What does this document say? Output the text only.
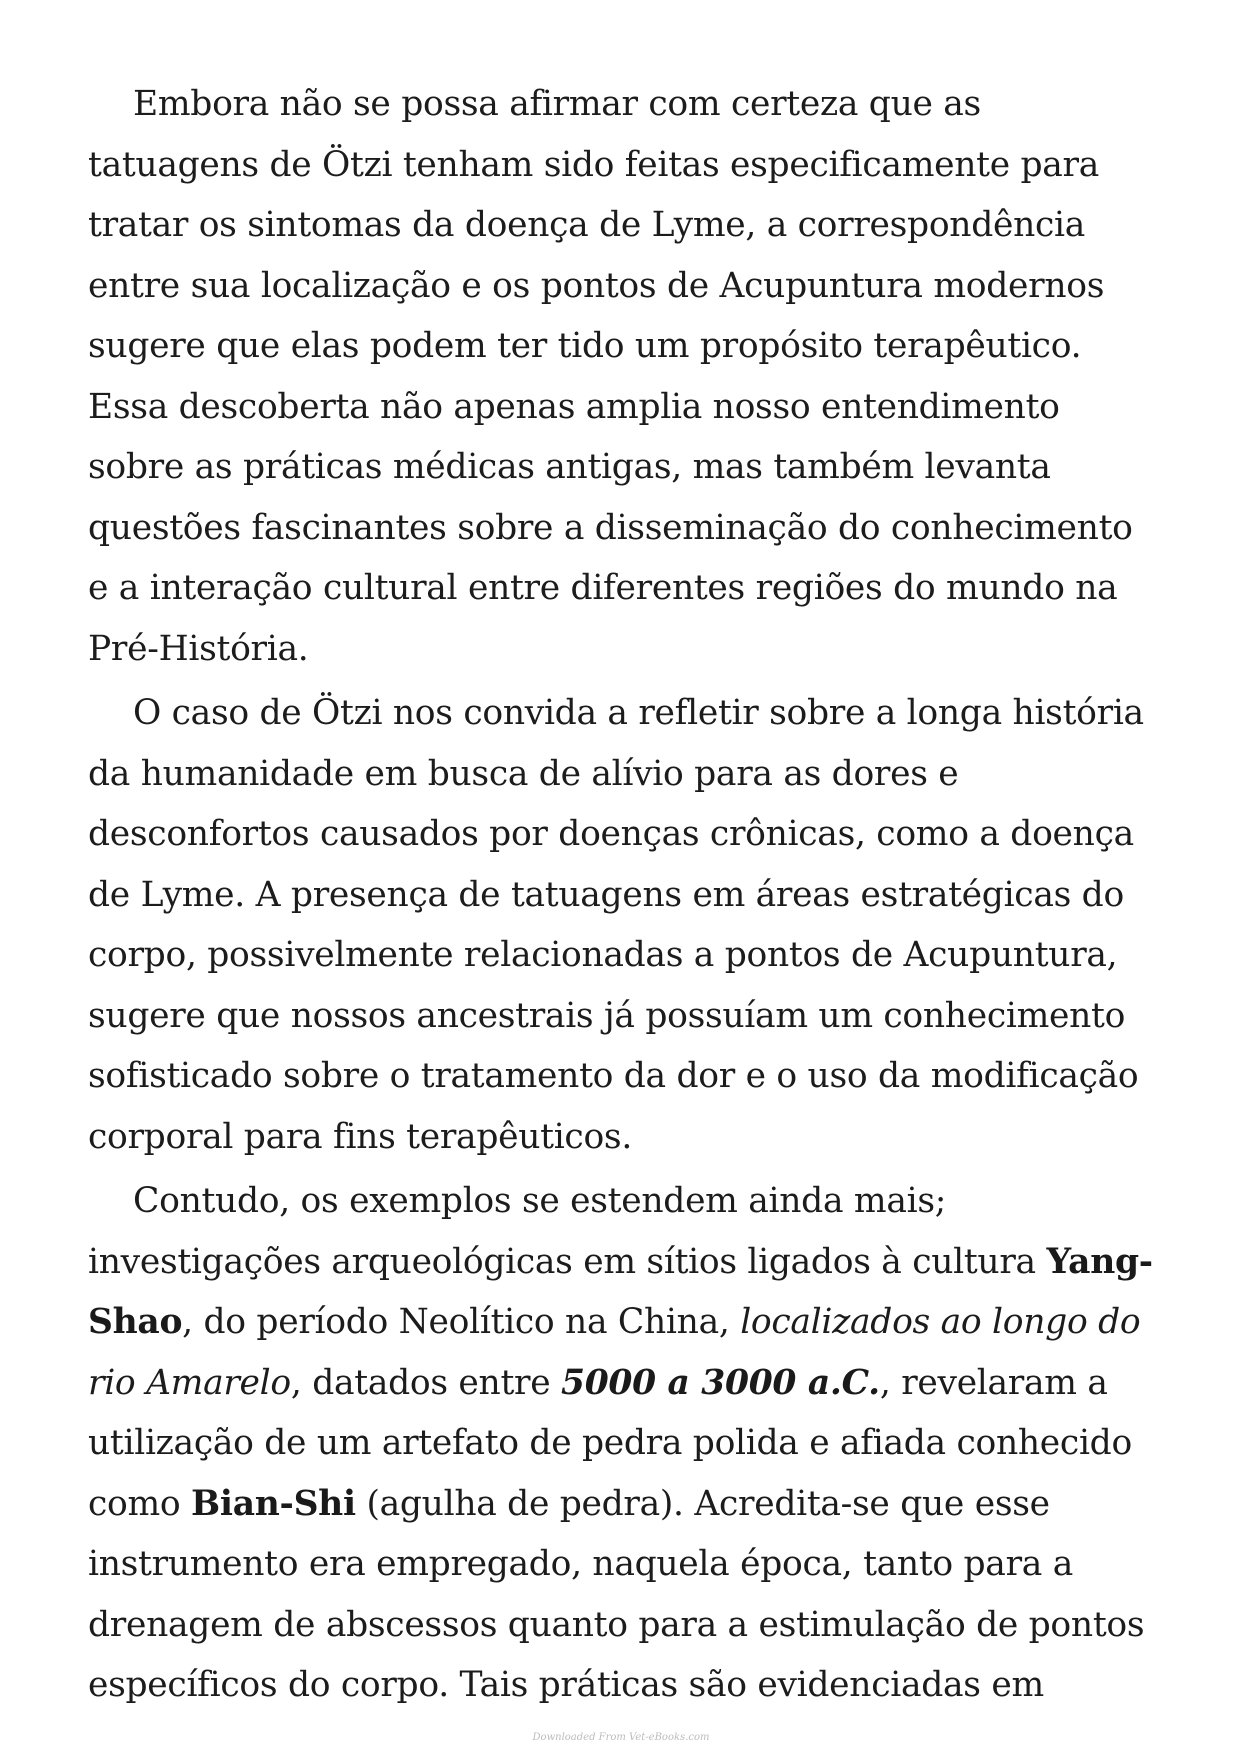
Embora não se possa afirmar com certeza que as tatuagens de Ötzi tenham sido feitas especificamente para tratar os sintomas da doença de Lyme, a correspondência entre sua localização e os pontos de Acupuntura modernos sugere que elas podem ter tido um propósito terapêutico. Essa descoberta não apenas amplia nosso entendimento sobre as práticas médicas antigas, mas também levanta questões fascinantes sobre a disseminação do conhecimento e a interação cultural entre diferentes regiões do mundo na Pré-História.

O caso de Ötzi nos convida a refletir sobre a longa história da humanidade em busca de alívio para as dores e desconfortos causados por doenças crônicas, como a doença de Lyme. A presença de tatuagens em áreas estratégicas do corpo, possivelmente relacionadas a pontos de Acupuntura, sugere que nossos ancestrais já possuíam um conhecimento sofisticado sobre o tratamento da dor e o uso da modificação corporal para fins terapêuticos.

Contudo, os exemplos se estendem ainda mais; investigações arqueológicas em sítios ligados à cultura Yang-Shao, do período Neolítico na China, localizados ao longo do rio Amarelo, datados entre 5000 a 3000 a.C., revelaram a utilização de um artefato de pedra polida e afiada conhecido como Bian-Shi (agulha de pedra). Acredita-se que esse instrumento era empregado, naquela época, tanto para a drenagem de abscessos quanto para a estimulação de pontos específicos do corpo. Tais práticas são evidenciadas em

Downloaded From Vet-eBooks.com
